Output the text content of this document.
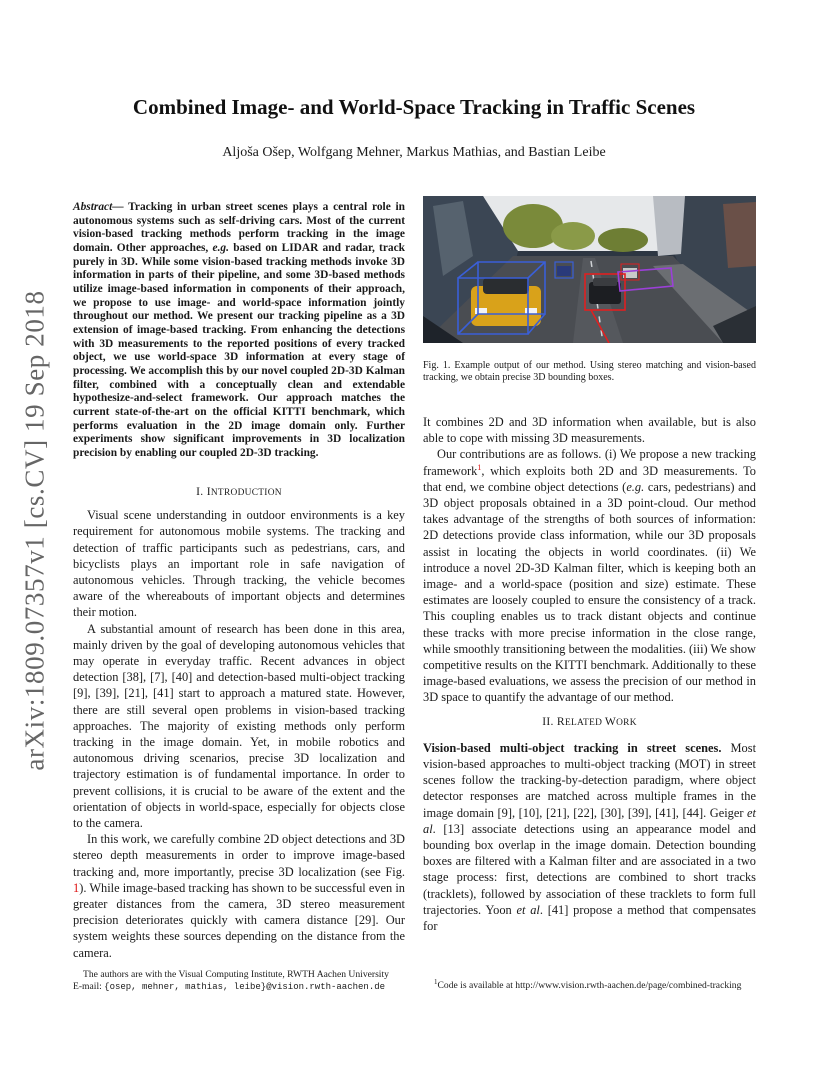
arXiv:1809.07357v1 [cs.CV] 19 Sep 2018
Combined Image- and World-Space Tracking in Traffic Scenes
Aljoša Ošep, Wolfgang Mehner, Markus Mathias, and Bastian Leibe
Abstract— Tracking in urban street scenes plays a central role in autonomous systems such as self-driving cars. Most of the current vision-based tracking methods perform tracking in the image domain. Other approaches, e.g. based on LIDAR and radar, track purely in 3D. While some vision-based tracking methods invoke 3D information in parts of their pipeline, and some 3D-based methods utilize image-based information in components of their approach, we propose to use image- and world-space information jointly throughout our method. We present our tracking pipeline as a 3D extension of image-based tracking. From enhancing the detections with 3D measurements to the reported positions of every tracked object, we use world-space 3D information at every stage of processing. We accomplish this by our novel coupled 2D-3D Kalman filter, combined with a conceptually clean and extendable hypothesize-and-select framework. Our approach matches the current state-of-the-art on the official KITTI benchmark, which performs evaluation in the 2D image domain only. Further experiments show significant improvements in 3D localization precision by enabling our coupled 2D-3D tracking.
I. INTRODUCTION

Visual scene understanding in outdoor environments is a key requirement for autonomous mobile systems. The tracking and detection of traffic participants such as pedestrians, cars, and bicyclists plays an important role in safe navigation of autonomous vehicles. Through tracking, the vehicle becomes aware of the whereabouts of important objects and determines their motion.

A substantial amount of research has been done in this area, mainly driven by the goal of developing autonomous vehicles that may operate in everyday traffic. Recent advances in object detection [38], [7], [40] and detection-based multi-object tracking [9], [39], [21], [41] start to approach a matured state. However, there are still several open problems in vision-based tracking approaches. The majority of existing methods only perform tracking in the image domain. Yet, in mobile robotics and autonomous driving scenarios, precise 3D localization and trajectory estimation is of fundamental importance. In order to prevent collisions, it is crucial to be aware of the extent and the orientation of objects in world-space, especially for objects close to the camera.

In this work, we carefully combine 2D object detections and 3D stereo depth measurements in order to improve image-based tracking and, more importantly, precise 3D localization (see Fig. 1). While image-based tracking has shown to be successful even in greater distances from the camera, 3D stereo measurement precision deteriorates quickly with camera distance [29]. Our system weights these sources depending on the distance from the camera.

Fig. 1. Example output of our method. Using stereo matching and vision-based tracking, we obtain precise 3D bounding boxes.

It combines 2D and 3D information when available, but is also able to cope with missing 3D measurements.

Our contributions are as follows. (i) We propose a new tracking framework$^1$, which exploits both 2D and 3D measurements. To that end, we combine object detections (e.g. cars, pedestrians) and 3D object proposals obtained in a 3D point-cloud. Our method takes advantage of the strengths of both sources of information: 2D detections provide class information, while our 3D proposals assist in locating the objects in world coordinates. (ii) We introduce a novel 2D-3D Kalman filter, which is keeping both an image- and a world-space (position and size) estimate. These estimates are loosely coupled to ensure the consistency of a track. This coupling enables us to track distant objects and continue these tracks with more precise information in the close range, while smoothly transitioning between the modalities. (iii) We show competitive results on the KITTI benchmark. Additionally to these image-based evaluations, we assess the precision of our method in 3D space to quantify the advantage of our method.

II. RELATED WORK

Vision-based multi-object tracking in street scenes. Most vision-based approaches to multi-object tracking (MOT) in street scenes follow the tracking-by-detection paradigm, where object detector responses are matched across multiple frames in the image domain [9], [10], [21], [22], [30], [39], [41], [44]. Geiger et al. [13] associate detections using an appearance model and bounding box overlap in the image domain. Detection bounding boxes are filtered with a Kalman filter and are associated in a two stage process: first, detections are combined to short tracks (tracklets), followed by association of these tracklets to form full trajectories. Yoon et al. [41] propose a method that compensates for

The authors are with the Visual Computing Institute, RWTH Aachen University
E-mail: {osep, mehner, mathias, leibe}@vision.rwth-aachen.de
$^1$Code is available at http://www.vision.rwth-aachen.de/page/combined-tracking
